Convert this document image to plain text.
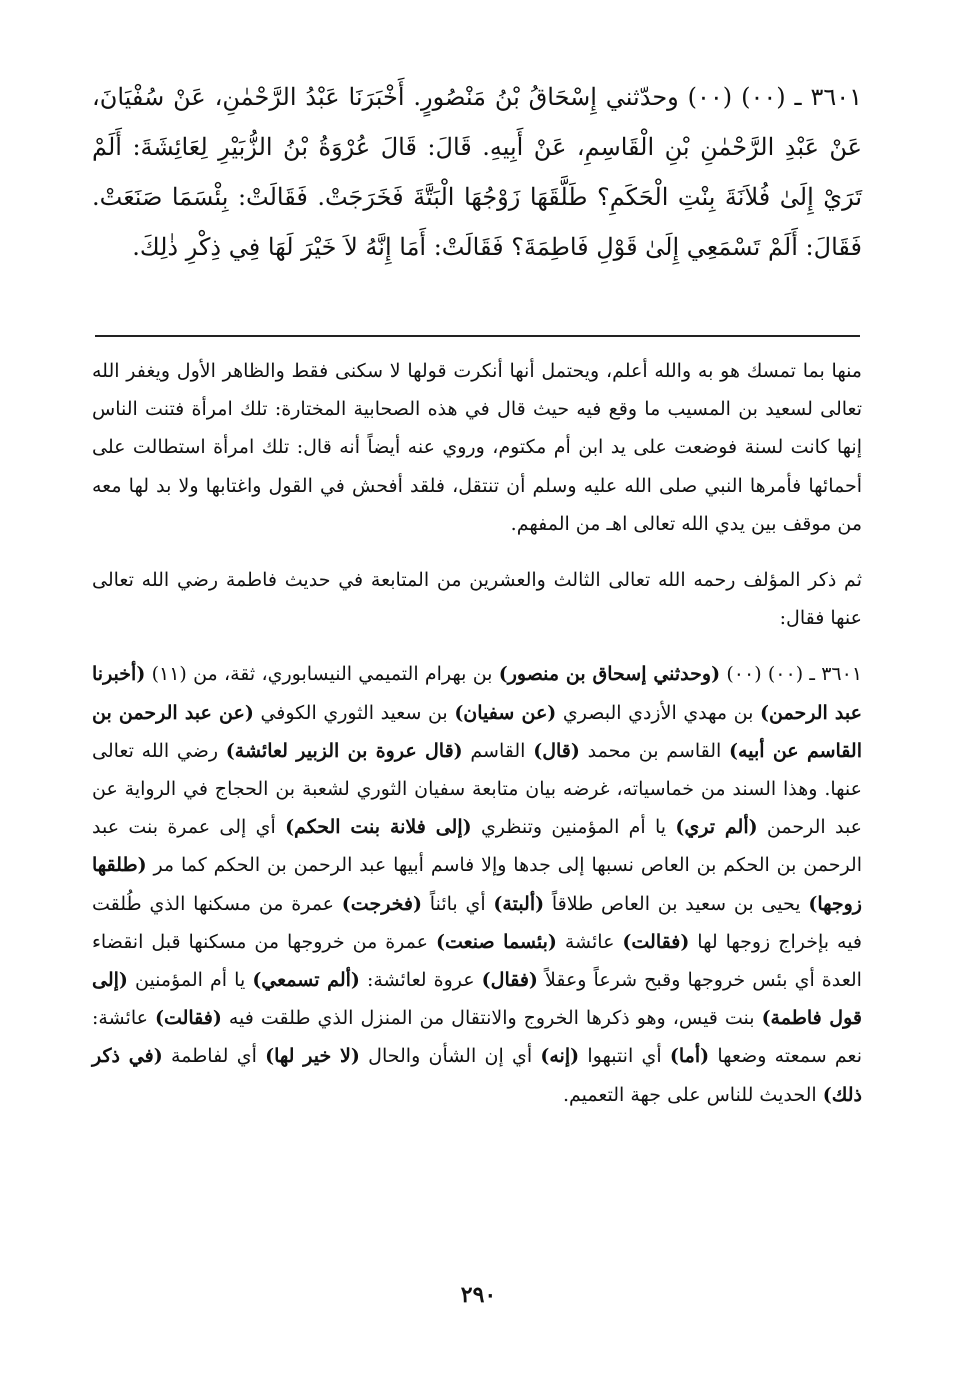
٣٦٠١ ـ (٠٠) (٠٠) وحدّثني إِسْحَاقُ بْنُ مَنْصُورٍ. أَخْبَرَنَا عَبْدُ الرَّحْمٰنِ، عَنْ سُفْيَانَ، عَنْ عَبْدِ الرَّحْمٰنِ بْنِ الْقَاسِمِ، عَنْ أَبِيهِ. قَالَ: قَالَ عُرْوَةُ بْنُ الزُّبَيْرِ لِعَائِشَةَ: أَلَمْ تَرَيْ إِلَىٰ فُلاَنَةَ بِنْتِ الْحَكَمِ؟ طَلَّقَهَا زَوْجُهَا الْبَتَّةَ فَخَرَجَتْ. فَقَالَتْ: بِئْسَمَا صَنَعَتْ. فَقَالَ: أَلَمْ تَسْمَعِي إِلَىٰ قَوْلِ فَاطِمَةَ؟ فَقَالَتْ: أَمَا إِنَّهُ لاَ خَيْرَ لَهَا فِي ذِكْرِ ذٰلِكَ.

منها بما تمسك هو به والله أعلم، ويحتمل أنها أنكرت قولها لا سكنى فقط والظاهر الأول ويغفر الله تعالى لسعيد بن المسيب ما وقع فيه حيث قال في هذه الصحابية المختارة: تلك امرأة فتنت الناس إنها كانت لسنة فوضعت على يد ابن أم مكتوم، وروي عنه أيضاً أنه قال: تلك امرأة استطالت على أحمائها فأمرها النبي صلى الله عليه وسلم أن تنتقل، فلقد أفحش في القول واغتابها ولا بد لها معه من موقف بين يدي الله تعالى اهـ من المفهم.

ثم ذكر المؤلف رحمه الله تعالى الثالث والعشرين من المتابعة في حديث فاطمة رضي الله تعالى عنها فقال:

٣٦٠١ ـ (٠٠) (٠٠) (وحدثني إسحاق بن منصور) بن بهرام التميمي النيسابوري، ثقة، من (١١) (أخبرنا عبد الرحمن) بن مهدي الأزدي البصري (عن سفيان) بن سعيد الثوري الكوفي (عن عبد الرحمن بن القاسم عن أبيه) القاسم بن محمد (قال) القاسم (قال عروة بن الزبير لعائشة) رضي الله تعالى عنها. وهذا السند من خماسياته، غرضه بيان متابعة سفيان الثوري لشعبة بن الحجاج في الرواية عن عبد الرحمن (ألم تري) يا أم المؤمنين وتنظري (إلى فلانة بنت الحكم) أي إلى عمرة بنت عبد الرحمن بن الحكم بن العاص نسبها إلى جدها وإلا فاسم أبيها عبد الرحمن بن الحكم كما مر (طلقها زوجها) يحيى بن سعيد بن العاص طلاقاً (ألبتة) أي بائناً (فخرجت) عمرة من مسكنها الذي طُلقت فيه بإخراج زوجها لها (فقالت) عائشة (بئسما صنعت) عمرة من خروجها من مسكنها قبل انقضاء العدة أي بئس خروجها وقبح شرعاً وعقلاً (فقال) عروة لعائشة: (ألم تسمعي) يا أم المؤمنين (إلى قول فاطمة) بنت قيس، وهو ذكرها الخروج والانتقال من المنزل الذي طلقت فيه (فقالت) عائشة: نعم سمعته وضعها (أما) أي انتبهوا (إنه) أي إن الشأن والحال (لا خير لها) أي لفاطمة (في ذكر ذلك) الحديث للناس على جهة التعميم.

٢٩٠
